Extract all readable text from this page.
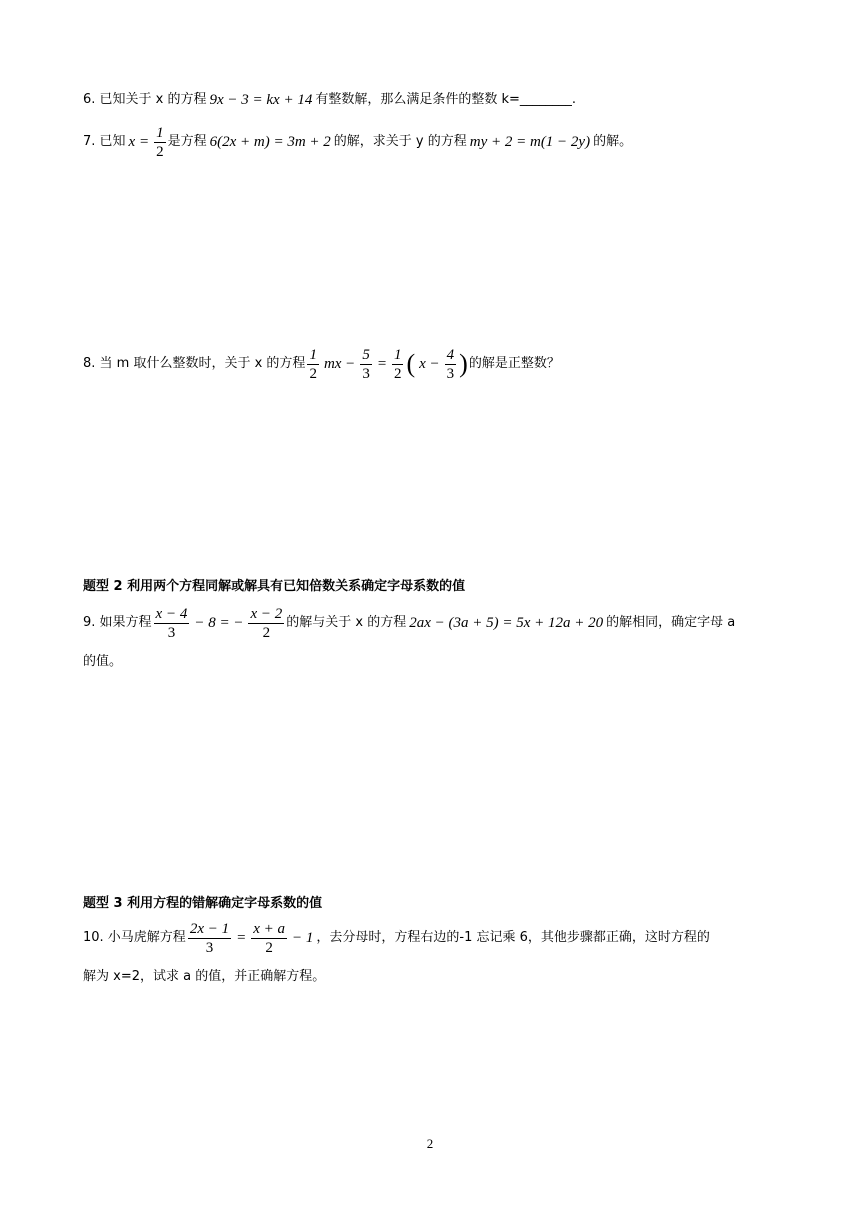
6. 已知关于 x 的方程 9x − 3 = kx + 14 有整数解，那么满足条件的整数 k=________.
7. 已知 $x = \frac{1}{2}$ 是方程 6(2x + m) = 3m + 2 的解，求关于 y 的方程 my + 2 = m(1 − 2y) 的解。
8. 当 m 取什么整数时，关于 x 的方程 $\frac{1}{2}$ mx − $\frac{5}{3} = \frac{1}{2}$ ( $x - \frac{4}{3}$ ) 的解是正整数？
题型 2 利用两个方程同解或解具有已知倍数关系确定字母系数的值
9. 如果方程 $\frac{x - 4}{3} - 8$ = − $\frac{x - 2}{2}$ 的解与关于 x 的方程 2ax − (3a + 5) = 5x + 12a + 20 的解相同，确定字母 a
的值。
题型 3 利用方程的错解确定字母系数的值
10. 小马虎解方程 $\frac{2x - 1}{3} = \frac{x + a}{2} - 1$ ，去分母时，方程右边的-1 忘记乘 6，其他步骤都正确，这时方程的
解为 x=2，试求 a 的值，并正确解方程。
2
